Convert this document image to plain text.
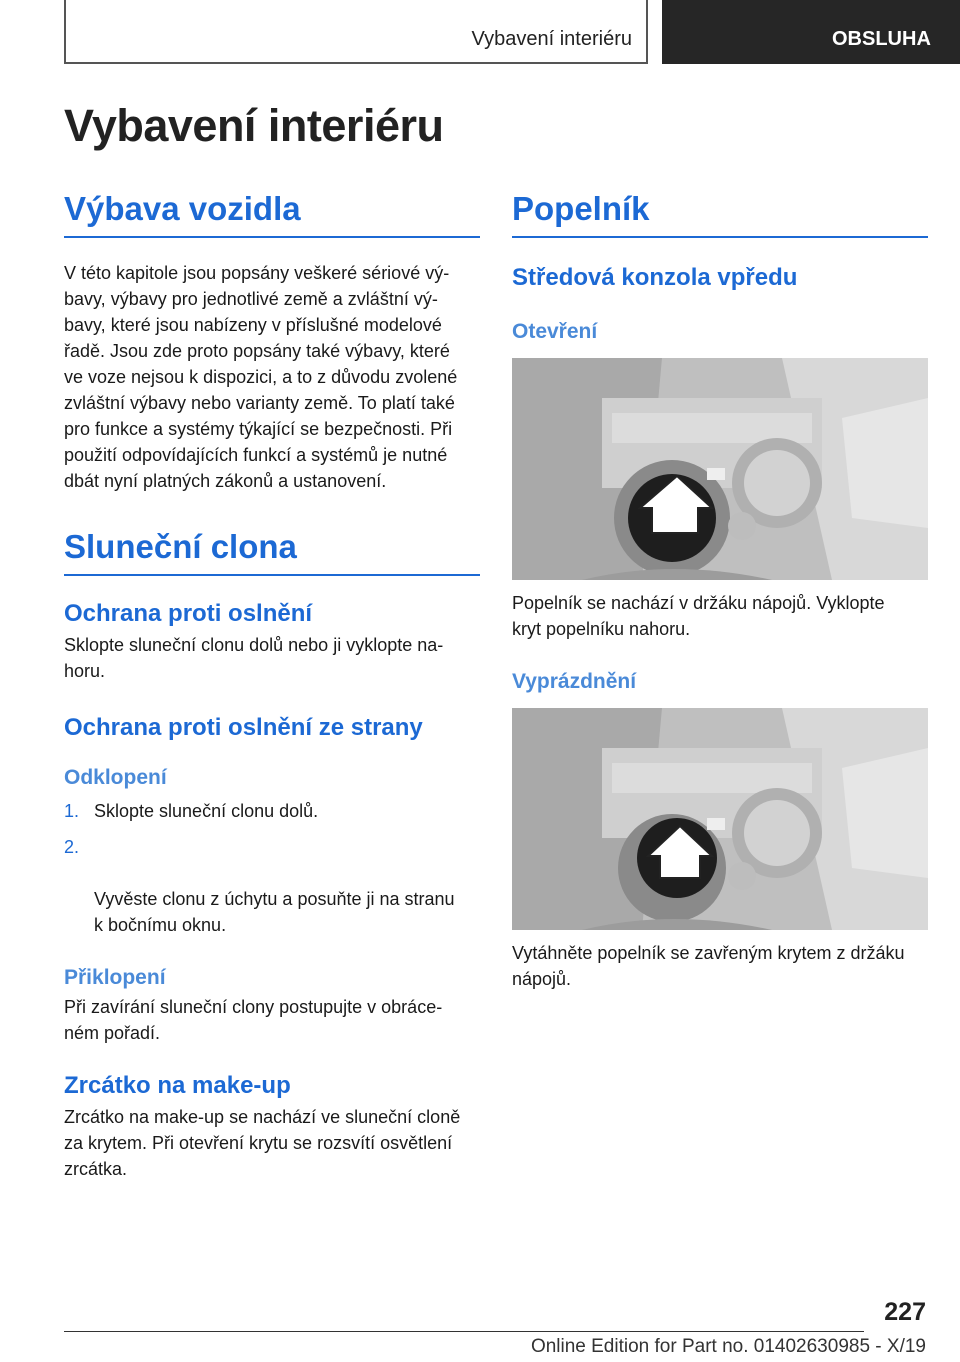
Vybavení interiéru	OBSLUHA
Vybavení interiéru
Výbava vozidla

V této kapitole jsou popsány veškeré sériové vý-
bavy, výbavy pro jednotlivé země a zvláštní vý-
bavy, které jsou nabízeny v příslušné modelové
řadě. Jsou zde proto popsány také výbavy, které
ve voze nejsou k dispozici, a to z důvodu zvolené
zvláštní výbavy nebo varianty země. To platí také
pro funkce a systémy týkající se bezpečnosti. Při
použití odpovídajících funkcí a systémů je nutné
dbát nyní platných zákonů a ustanovení.

Sluneční clona
Ochrana proti oslnění

Sklopte sluneční clonu dolů nebo ji vyklopte na-
horu.

Ochrana proti oslnění ze strany
Odklopení
1. Sklopte sluneční clonu dolů.

2.

Vyvěste clonu z úchytu a posuňte ji na stranu
k bočnímu oknu.

Přiklopení

Při zavírání sluneční clony postupujte v obráce-
ném pořadí.

Zrcátko na make-up

Zrcátko na make-up se nachází ve sluneční cloně
za krytem. Při otevření krytu se rozsvítí osvětlení
zrcátka.

Popelník
Středová konzola vpředu
Otevření

Popelník se nachází v držáku nápojů. Vyklopte
kryt popelníku nahoru.

Vyprázdnění

Vytáhněte popelník se zavřeným krytem z držáku
nápojů.

227
Online Edition for Part no. 01402630985 - X/19
